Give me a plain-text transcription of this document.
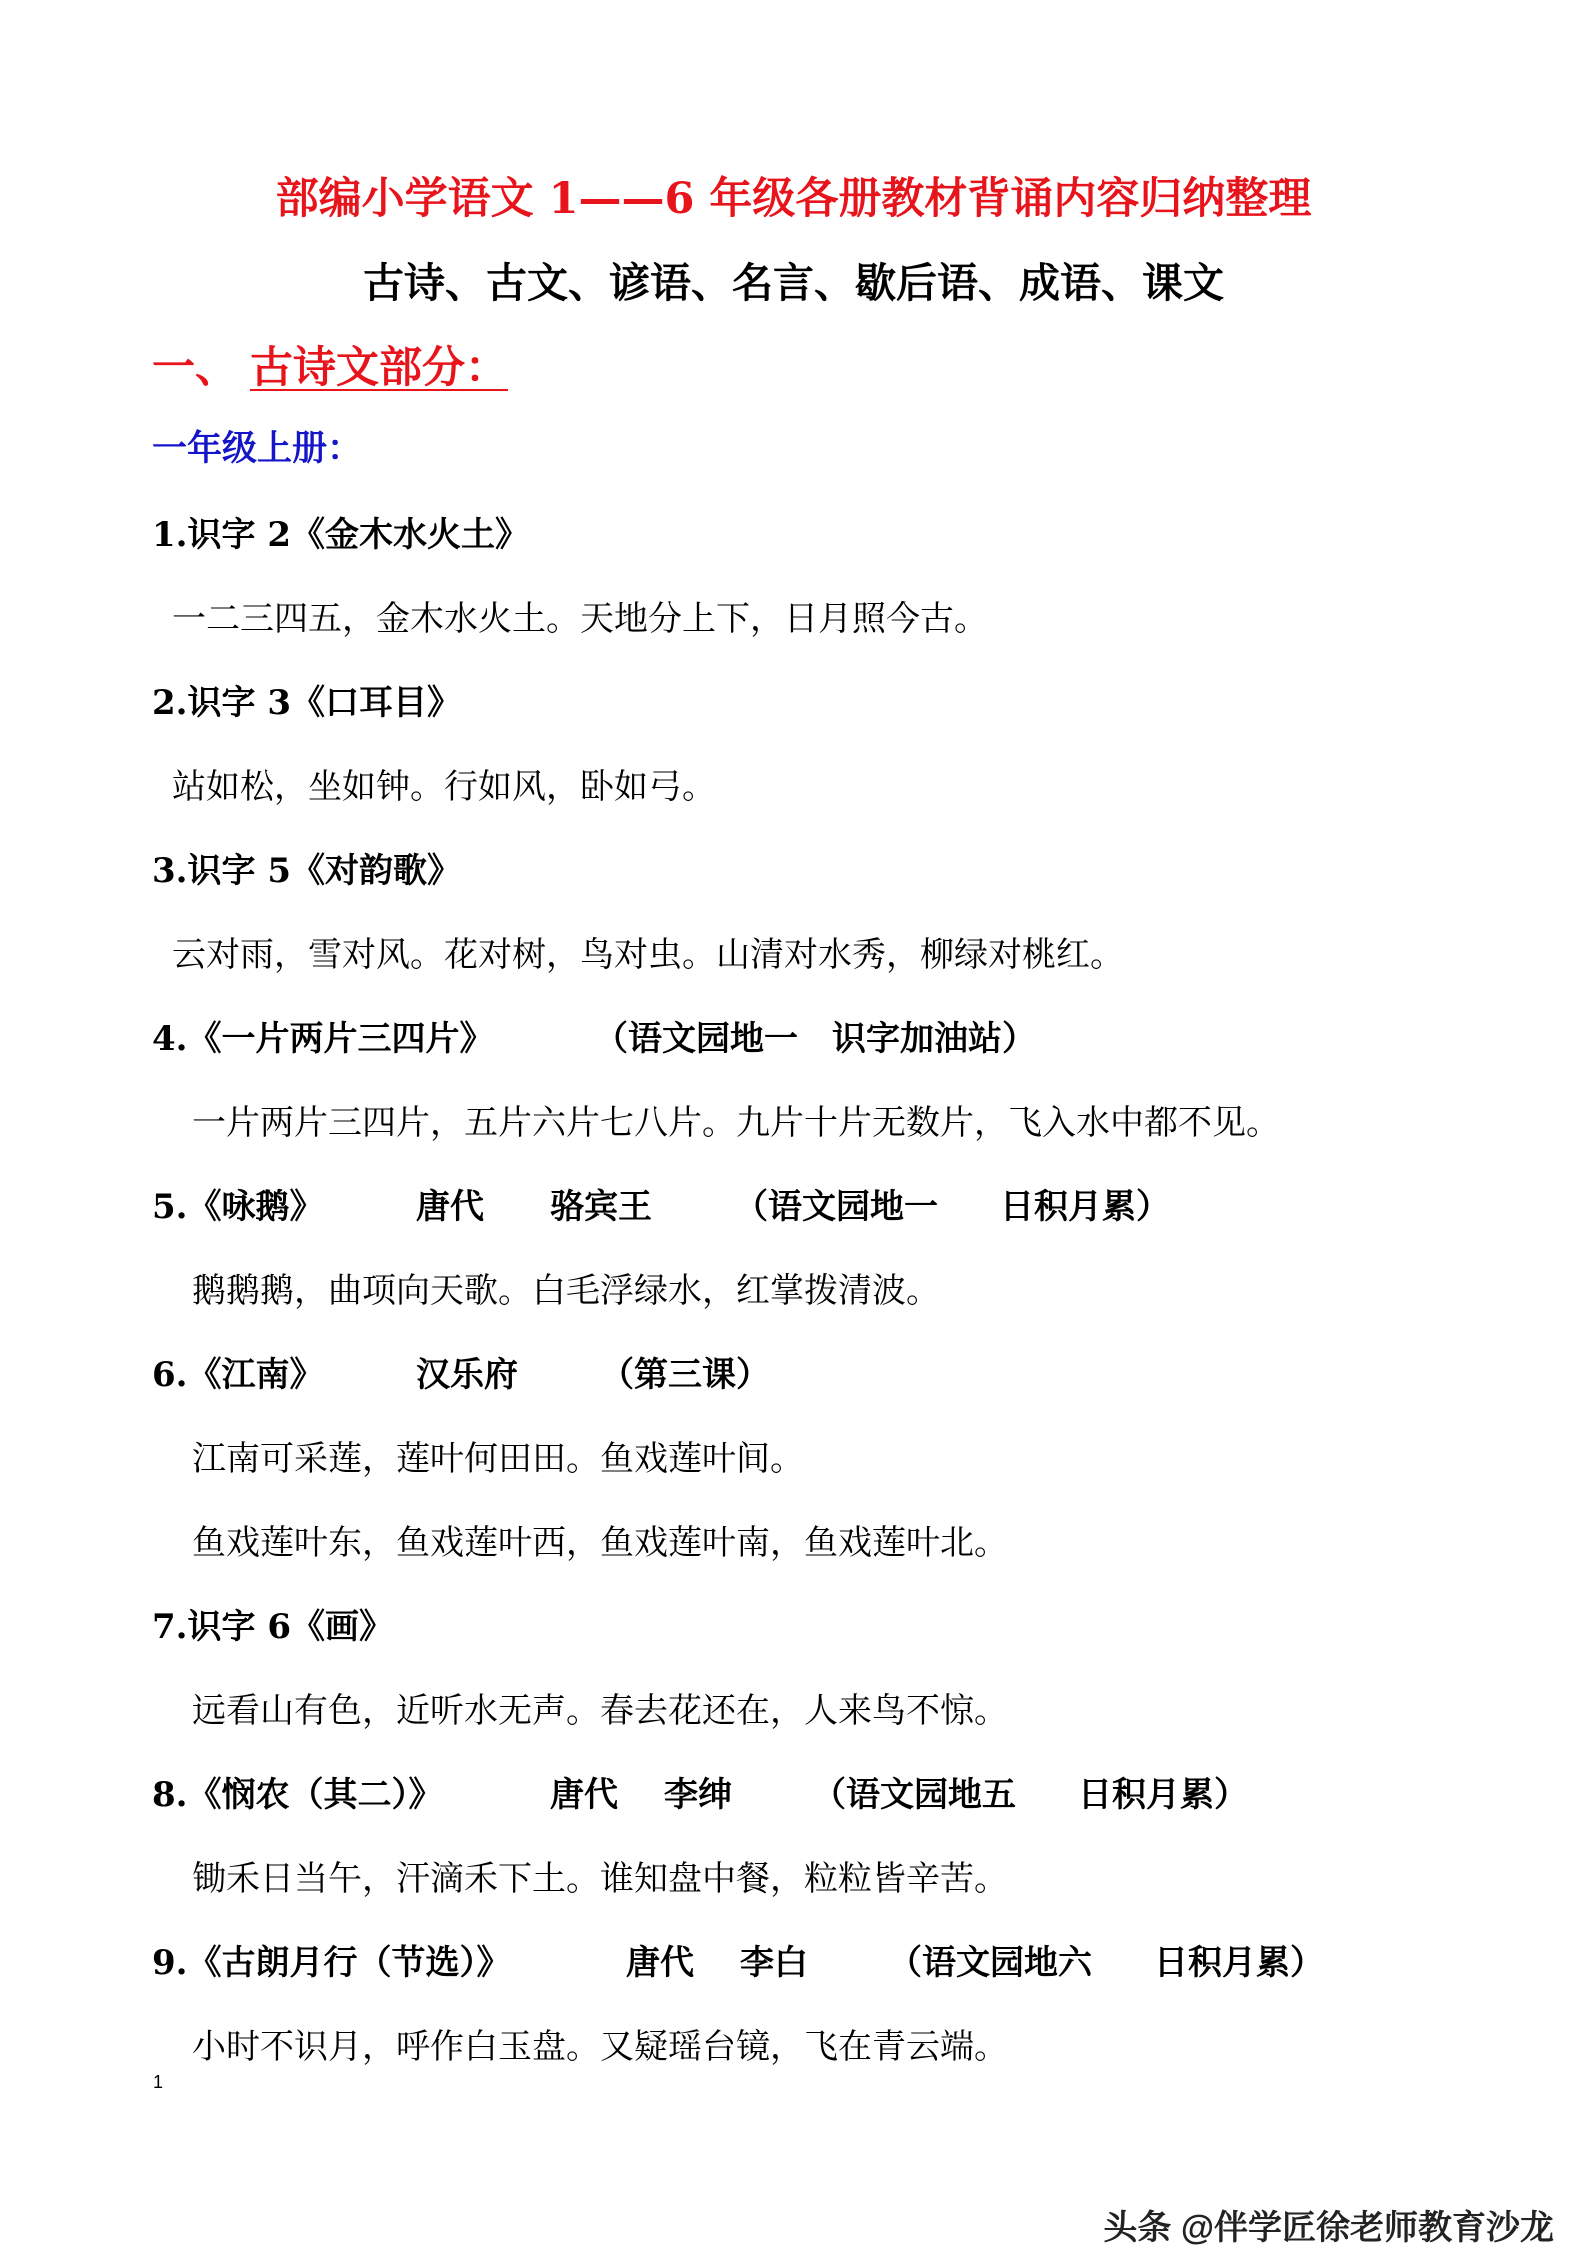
部编小学语文 1——6 年级各册教材背诵内容归纳整理
古诗、古文、谚语、名言、歇后语、成语、课文
一、 古诗文部分：
一年级上册：
1.识字 2《金木水火土》
一二三四五，金木水火土。天地分上下，日月照今古。
2.识字 3《口耳目》
站如松，坐如钟。行如风，卧如弓。
3.识字 5《对韵歌》
云对雨，雪对风。花对树，鸟对虫。山清对水秀，柳绿对桃红。
4.《一片两片三四片》	（语文园地一　识字加油站）
一片两片三四片，五片六片七八片。九片十片无数片，飞入水中都不见。
5.《咏鹅》	唐代 骆宾王 （语文园地一 日积月累）
鹅鹅鹅，曲项向天歌。白毛浮绿水，红掌拨清波。
6.《江南》	汉乐府 （第三课）
江南可采莲，莲叶何田田。鱼戏莲叶间。
鱼戏莲叶东，鱼戏莲叶西，鱼戏莲叶南，鱼戏莲叶北。
7.识字 6《画》
远看山有色，近听水无声。春去花还在，人来鸟不惊。
8.《悯农（其二）》	唐代 李绅 （语文园地五 日积月累）
锄禾日当午，汗滴禾下土。谁知盘中餐，粒粒皆辛苦。
9.《古朗月行（节选）》	唐代 李白 （语文园地六 日积月累）
小时不识月，呼作白玉盘。又疑瑶台镜，飞在青云端。
1
头条 @伴学匠徐老师教育沙龙
